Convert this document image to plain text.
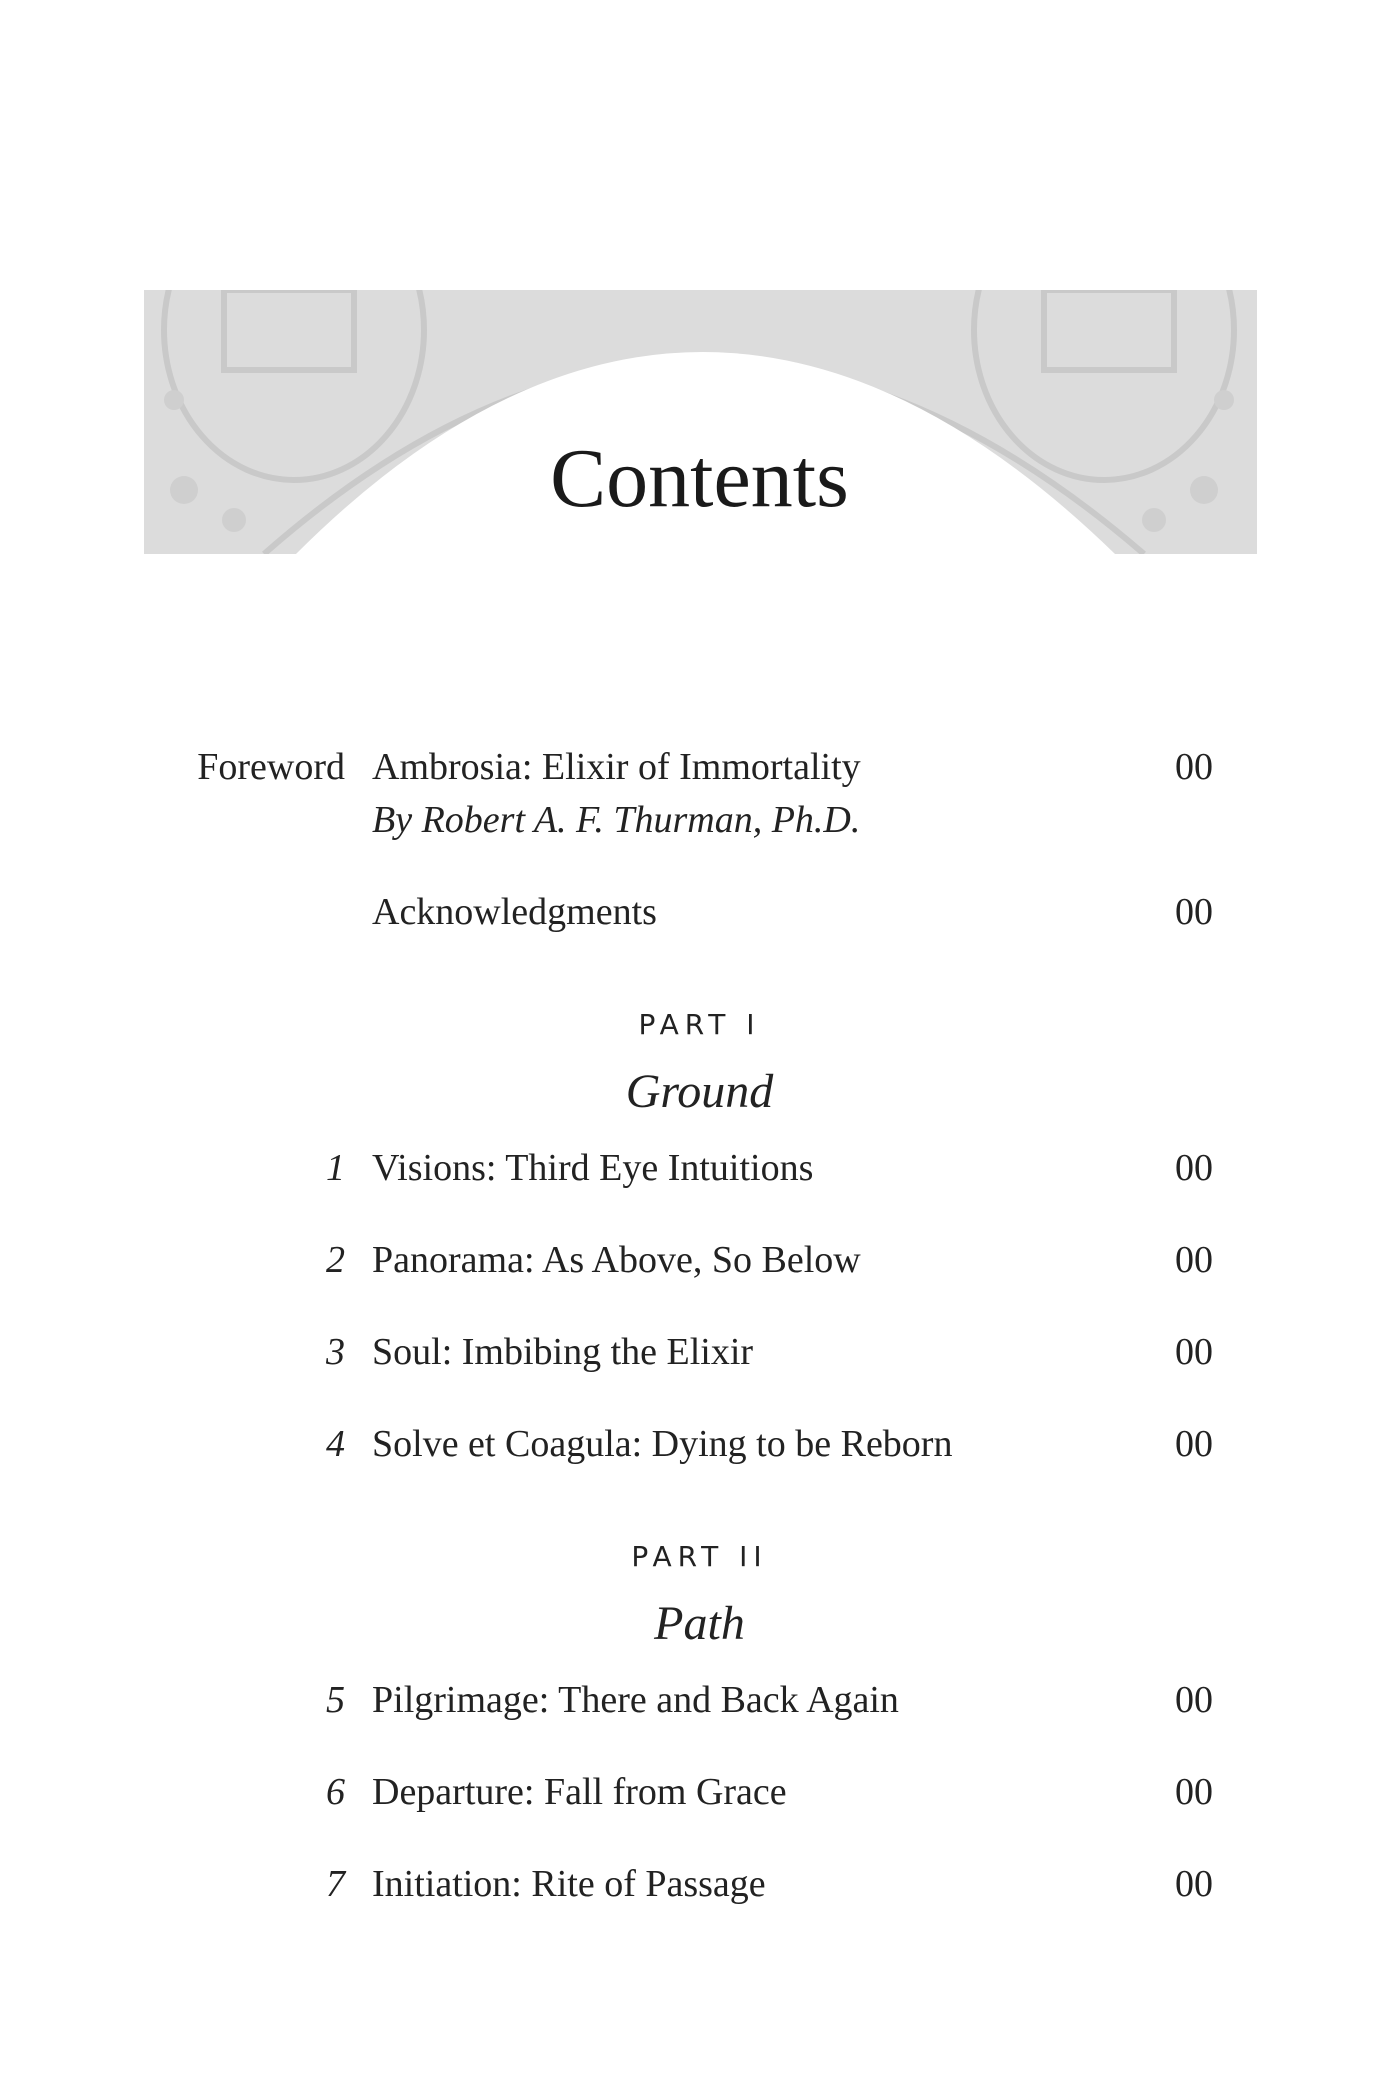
Contents
Foreword Ambrosia: Elixir of Immortality	00
By Robert A. F. Thurman, Ph.D.
Acknowledgments	00
PART I
Ground
1 Visions: Third Eye Intuitions	00
2 Panorama: As Above, So Below	00
3 Soul: Imbibing the Elixir	00
4 Solve et Coagula: Dying to be Reborn	00
PART II
Path
5 Pilgrimage: There and Back Again	00
6 Departure: Fall from Grace	00
7 Initiation: Rite of Passage	00
